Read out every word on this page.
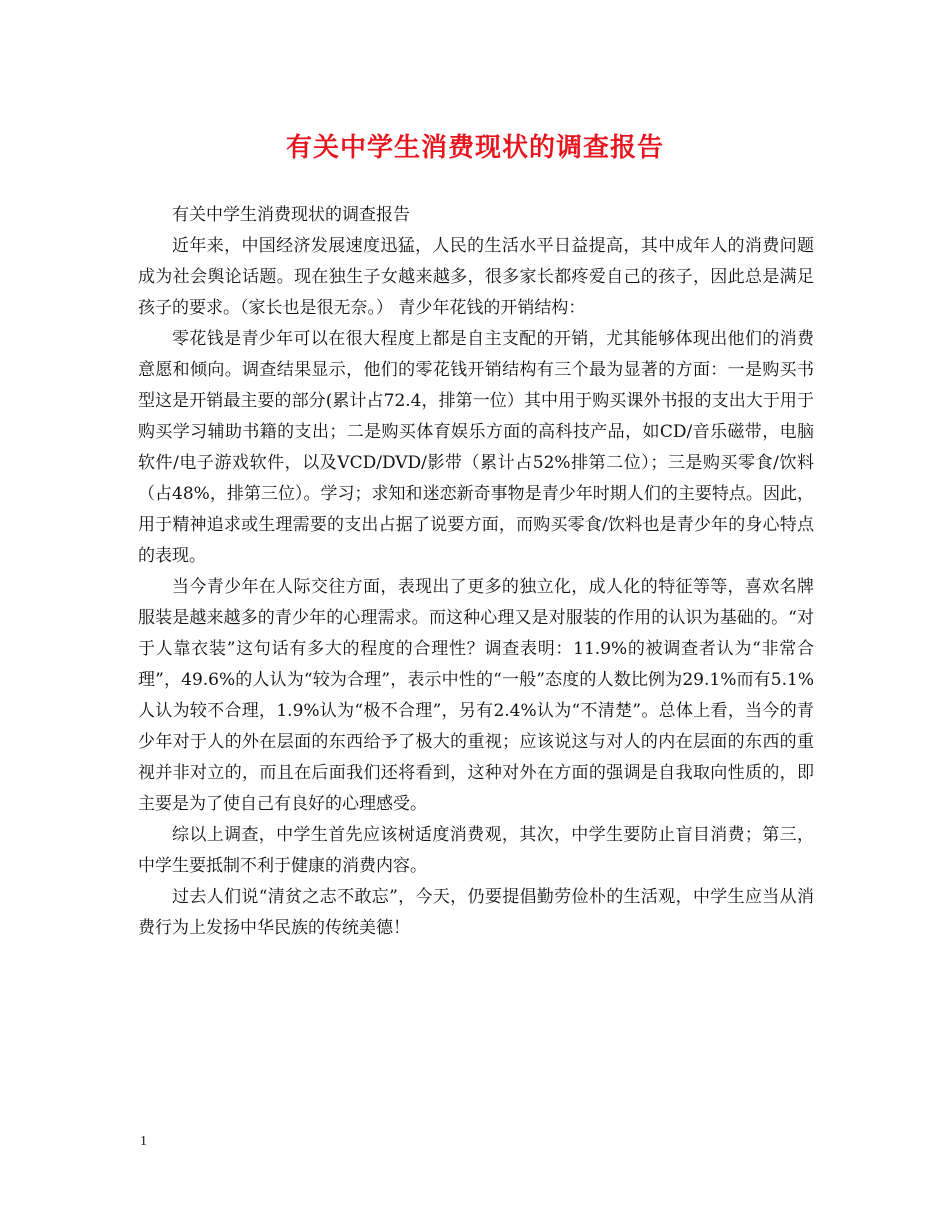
有关中学生消费现状的调查报告

有关中学生消费现状的调查报告

近年来，中国经济发展速度迅猛，人民的生活水平日益提高，其中成年人的消费问题成为社会舆论话题。现在独生子女越来越多，很多家长都疼爱自己的孩子，因此总是满足孩子的要求。（家长也是很无奈。） 青少年花钱的开销结构：

零花钱是青少年可以在很大程度上都是自主支配的开销，尤其能够体现出他们的消费意愿和倾向。调查结果显示，他们的零花钱开销结构有三个最为显著的方面：一是购买书型这是开销最主要的部分(累计占72.4，排第一位）其中用于购买课外书报的支出大于用于购买学习辅助书籍的支出；二是购买体育娱乐方面的高科技产品，如CD/音乐磁带，电脑软件/电子游戏软件，以及VCD/DVD/影带（累计占52%排第二位）；三是购买零食/饮料（占48%，排第三位）。学习；求知和迷恋新奇事物是青少年时期人们的主要特点。因此，用于精神追求或生理需要的支出占据了说要方面，而购买零食/饮料也是青少年的身心特点的表现。

当今青少年在人际交往方面，表现出了更多的独立化，成人化的特征等等，喜欢名牌服装是越来越多的青少年的心理需求。而这种心理又是对服装的作用的认识为基础的。“对于人靠衣装”这句话有多大的程度的合理性？调查表明：11.9%的被调查者认为“非常合理”，49.6%的人认为“较为合理”，表示中性的“一般”态度的人数比例为29.1%而有5.1%人认为较不合理，1.9%认为“极不合理”，另有2.4%认为“不清楚”。总体上看，当今的青少年对于人的外在层面的东西给予了极大的重视；应该说这与对人的内在层面的东西的重视并非对立的，而且在后面我们还将看到，这种对外在方面的强调是自我取向性质的，即主要是为了使自己有良好的心理感受。

综以上调查，中学生首先应该树适度消费观，其次，中学生要防止盲目消费；第三，中学生要抵制不利于健康的消费内容。

过去人们说“清贫之志不敢忘”，今天，仍要提倡勤劳俭朴的生活观，中学生应当从消费行为上发扬中华民族的传统美德！

1
